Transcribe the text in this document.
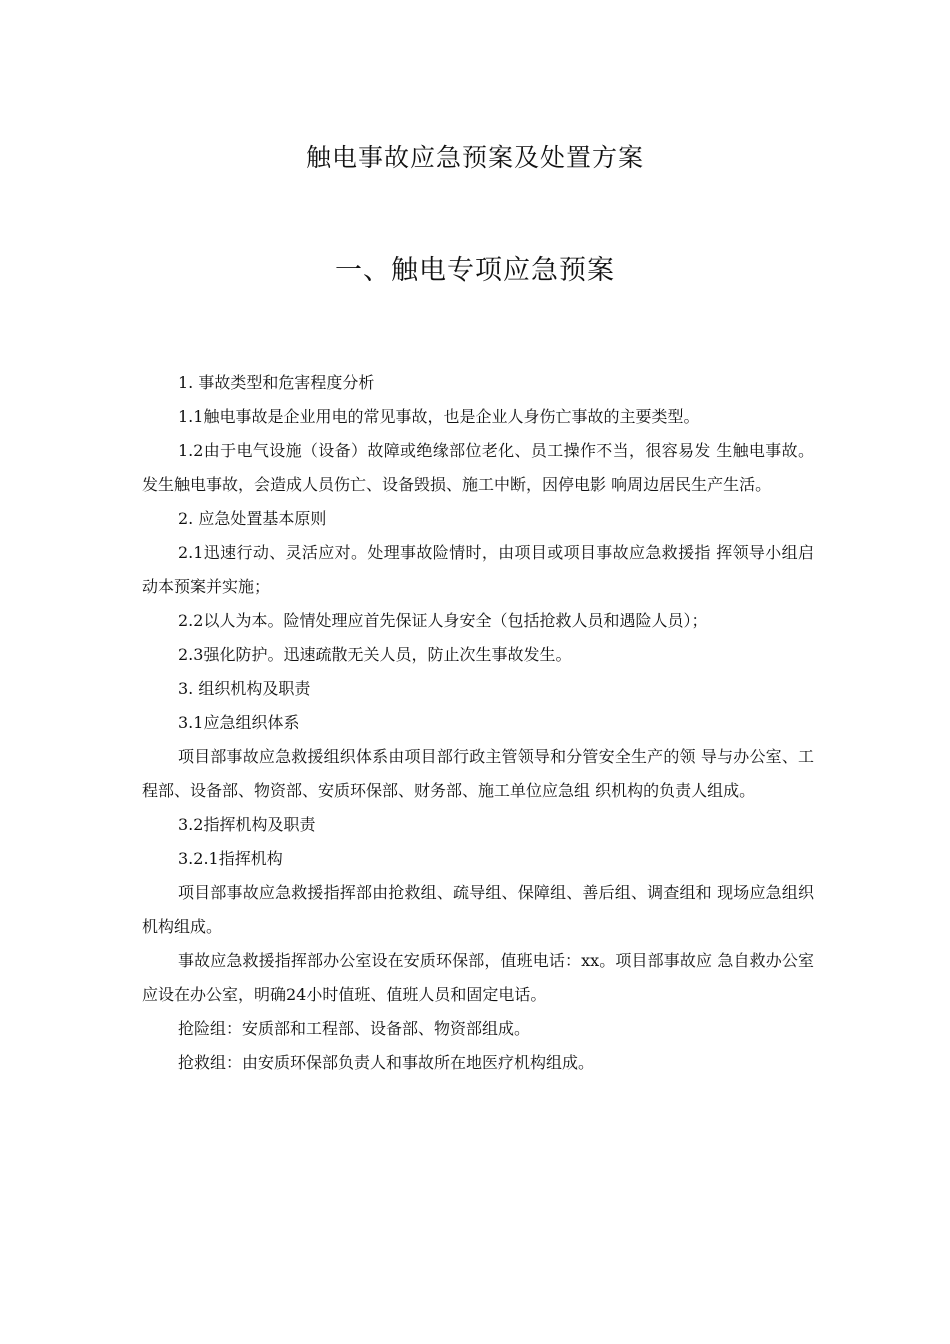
触电事故应急预案及处置方案
一、触电专项应急预案

1. 事故类型和危害程度分析

1.1触电事故是企业用电的常见事故，也是企业人身伤亡事故的主要类型。

1.2由于电气设施（设备）故障或绝缘部位老化、员工操作不当，很容易发 生触电事故。发生触电事故，会造成人员伤亡、设备毁损、施工中断，因停电影 响周边居民生产生活。

2. 应急处置基本原则

2.1迅速行动、灵活应对。处理事故险情时，由项目或项目事故应急救援指 挥领导小组启动本预案并实施；

2.2以人为本。险情处理应首先保证人身安全（包括抢救人员和遇险人员）；

2.3强化防护。迅速疏散无关人员，防止次生事故发生。

3. 组织机构及职责

3.1应急组织体系

项目部事故应急救援组织体系由项目部行政主管领导和分管安全生产的领 导与办公室、工程部、设备部、物资部、安质环保部、财务部、施工单位应急组 织机构的负责人组成。

3.2指挥机构及职责

3.2.1指挥机构

项目部事故应急救援指挥部由抢救组、疏导组、保障组、善后组、调查组和 现场应急组织机构组成。

事故应急救援指挥部办公室设在安质环保部，值班电话：xx。项目部事故应 急自救办公室应设在办公室，明确24小时值班、值班人员和固定电话。

抢险组：安质部和工程部、设备部、物资部组成。

抢救组：由安质环保部负责人和事故所在地医疗机构组成。
